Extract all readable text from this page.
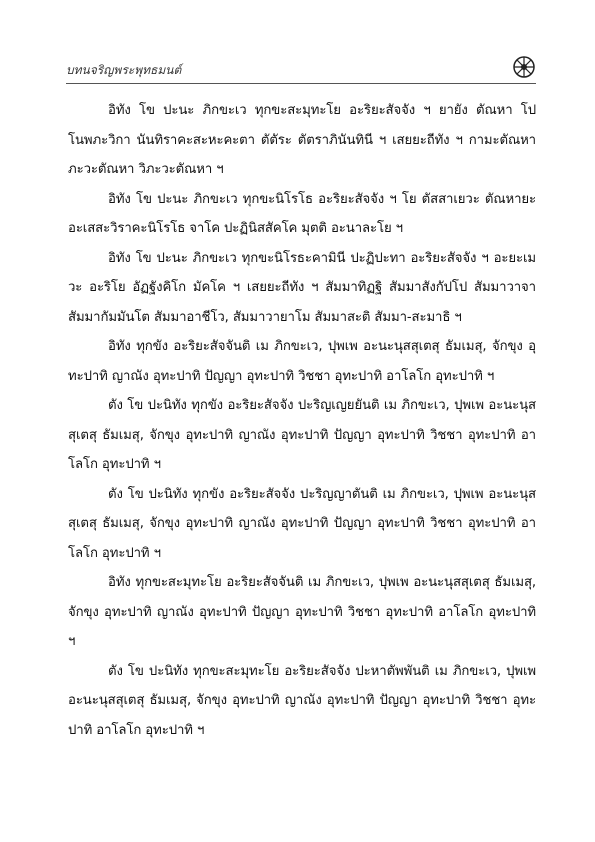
บทนจริญพระพุทธมนต์

อิทัง โข ปะนะ ภิกขะเว ทุกขะสะมุทะโย อะริยะสัจจัง ฯ ยายัง ตัณหา โปโนพภะวิกา นันทิราคะสะหะคะตา ตัตัระ ตัตราภินันทินี ฯ เสยยะถีทัง ฯ กามะตัณหา ภะวะตัณหา วิภะวะตัณหา ฯ

อิทัง โข ปะนะ ภิกขะเว ทุกขะนิโรโธ อะริยะสัจจัง ฯ โย ตัสสาเยวะ ตัณหายะ อะเสสะวิราคะนิโรโธ จาโค ปะฏินิสสัคโค มุตติ อะนาละโย ฯ

อิทัง โข ปะนะ ภิกขะเว ทุกขะนิโรธะคามินี ปะฏิปะทา อะริยะสัจจัง ฯ อะยะเมวะ อะริโย อัฏฐังคิโก มัคโค ฯ เสยยะถีทัง ฯ สัมมาทิฏฐิ สัมมาสังกัปโป สัมมาวาจา สัมมากัมมันโต สัมมาอาชีโว, สัมมาวายาโม สัมมาสะติ สัมมา-สะมาธิ ฯ

อิทัง ทุกขัง อะริยะสัจจันติ เม ภิกขะเว, ปุพเพ อะนะนุสสุเตสุ ธัมเมสุ, จักขุง อุทะปาทิ ญาณัง อุทะปาทิ ปัญญา อุทะปาทิ วิชชา อุทะปาทิ อาโลโก อุทะปาทิ ฯ

ตัง โข ปะนิทัง ทุกขัง อะริยะสัจจัง ปะริญเญยยันติ เม ภิกขะเว, ปุพเพ อะนะนุสสุเตสุ ธัมเมสุ, จักขุง อุทะปาทิ ญาณัง อุทะปาทิ ปัญญา อุทะปาทิ วิชชา อุทะปาทิ อาโลโก อุทะปาทิ ฯ

ตัง โข ปะนิทัง ทุกขัง อะริยะสัจจัง ปะริญญาตันติ เม ภิกขะเว, ปุพเพ อะนะนุสสุเตสุ ธัมเมสุ, จักขุง อุทะปาทิ ญาณัง อุทะปาทิ ปัญญา อุทะปาทิ วิชชา อุทะปาทิ อาโลโก อุทะปาทิ ฯ

อิทัง ทุกขะสะมุทะโย อะริยะสัจจันติ เม ภิกขะเว, ปุพเพ อะนะนุสสุเตสุ ธัมเมสุ, จักขุง อุทะปาทิ ญาณัง อุทะปาทิ ปัญญา อุทะปาทิ วิชชา อุทะปาทิ อาโลโก อุทะปาทิ ฯ

ตัง โข ปะนิทัง ทุกขะสะมุทะโย อะริยะสัจจัง ปะหาตัพพันติ เม ภิกขะเว, ปุพเพ อะนะนุสสุเตสุ ธัมเมสุ, จักขุง อุทะปาทิ ญาณัง อุทะปาทิ ปัญญา อุทะปาทิ วิชชา อุทะปาทิ อาโลโก อุทะปาทิ ฯ
